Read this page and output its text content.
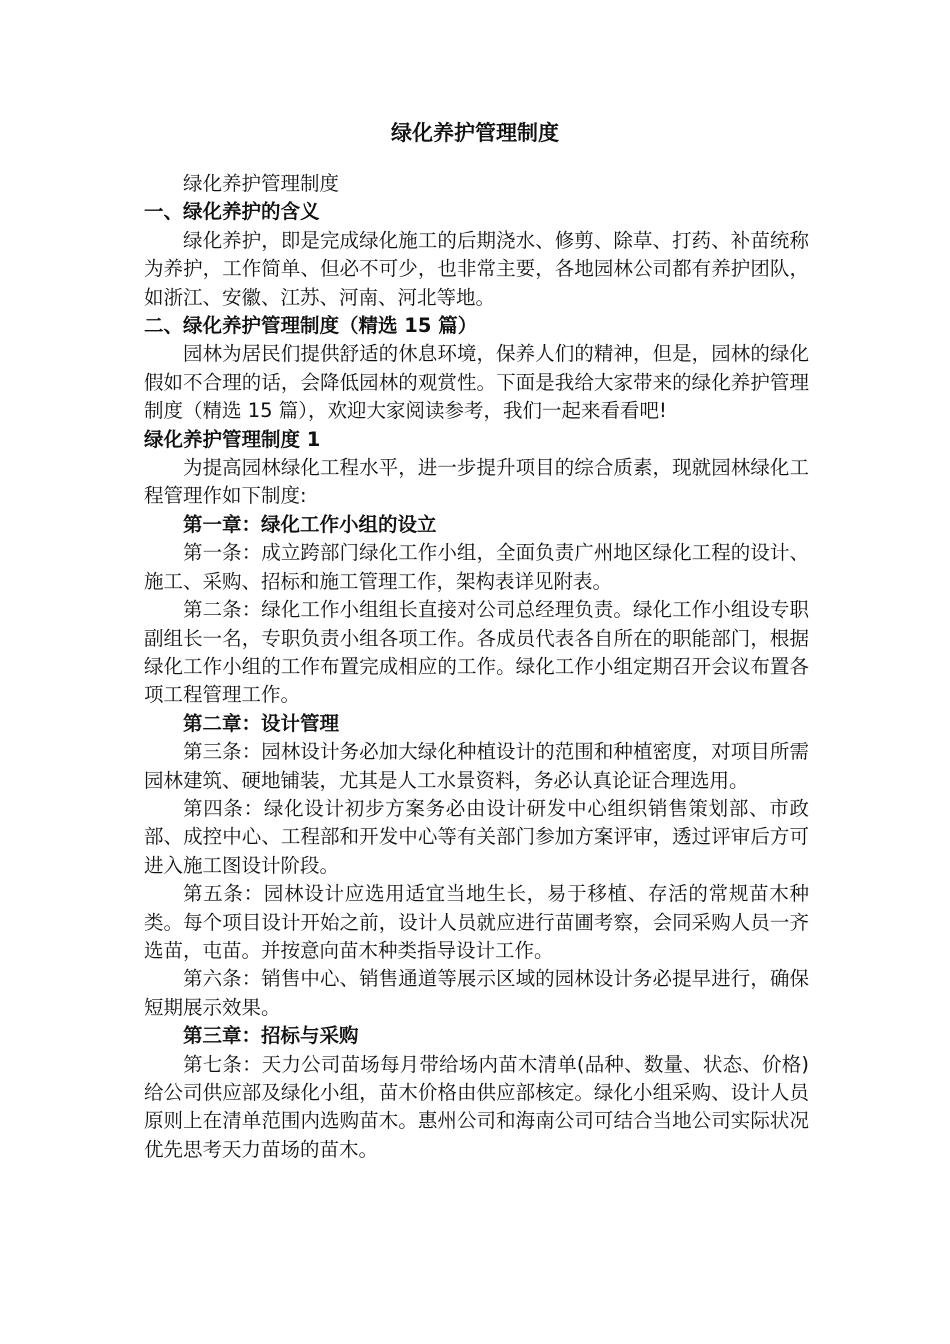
绿化养护管理制度

绿化养护管理制度

一、绿化养护的含义

绿化养护，即是完成绿化施工的后期浇水、修剪、除草、打药、补苗统称为养护，工作简单、但必不可少，也非常主要，各地园林公司都有养护团队，如浙江、安徽、江苏、河南、河北等地。

二、绿化养护管理制度（精选 15 篇）

园林为居民们提供舒适的休息环境，保养人们的精神，但是，园林的绿化假如不合理的话，会降低园林的观赏性。下面是我给大家带来的绿化养护管理制度（精选 15 篇），欢迎大家阅读参考，我们一起来看看吧!

绿化养护管理制度 1

为提高园林绿化工程水平，进一步提升项目的综合质素，现就园林绿化工程管理作如下制度:

第一章：绿化工作小组的设立

第一条：成立跨部门绿化工作小组，全面负责广州地区绿化工程的设计、施工、采购、招标和施工管理工作，架构表详见附表。

第二条：绿化工作小组组长直接对公司总经理负责。绿化工作小组设专职副组长一名，专职负责小组各项工作。各成员代表各自所在的职能部门，根据绿化工作小组的工作布置完成相应的工作。绿化工作小组定期召开会议布置各项工程管理工作。

第二章：设计管理

第三条：园林设计务必加大绿化种植设计的范围和种植密度，对项目所需园林建筑、硬地铺装，尤其是人工水景资料，务必认真论证合理选用。

第四条：绿化设计初步方案务必由设计研发中心组织销售策划部、市政部、成控中心、工程部和开发中心等有关部门参加方案评审，透过评审后方可进入施工图设计阶段。

第五条：园林设计应选用适宜当地生长，易于移植、存活的常规苗木种类。每个项目设计开始之前，设计人员就应进行苗圃考察，会同采购人员一齐选苗，屯苗。并按意向苗木种类指导设计工作。

第六条：销售中心、销售通道等展示区域的园林设计务必提早进行，确保短期展示效果。

第三章：招标与采购

第七条：天力公司苗场每月带给场内苗木清单(品种、数量、状态、价格)给公司供应部及绿化小组，苗木价格由供应部核定。绿化小组采购、设计人员原则上在清单范围内选购苗木。惠州公司和海南公司可结合当地公司实际状况优先思考天力苗场的苗木。
